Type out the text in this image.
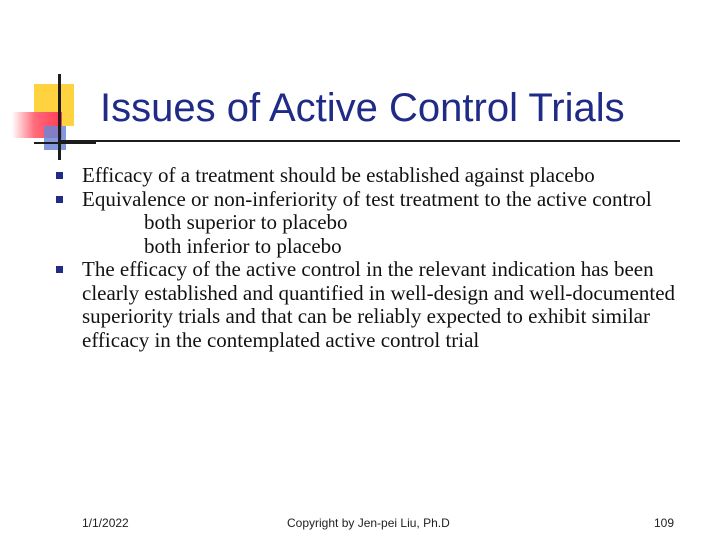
Issues of Active Control Trials
Efficacy of a treatment should be established against placebo
Equivalence or non-inferiority of test treatment to the active control
both superior to placebo
both inferior to placebo
The efficacy of the active control in the relevant indication has been clearly established and quantified in well-design and well-documented superiority trials and that can be reliably expected to exhibit similar efficacy in the contemplated active control trial
1/1/2022	Copyright by Jen-pei Liu, Ph.D	109
